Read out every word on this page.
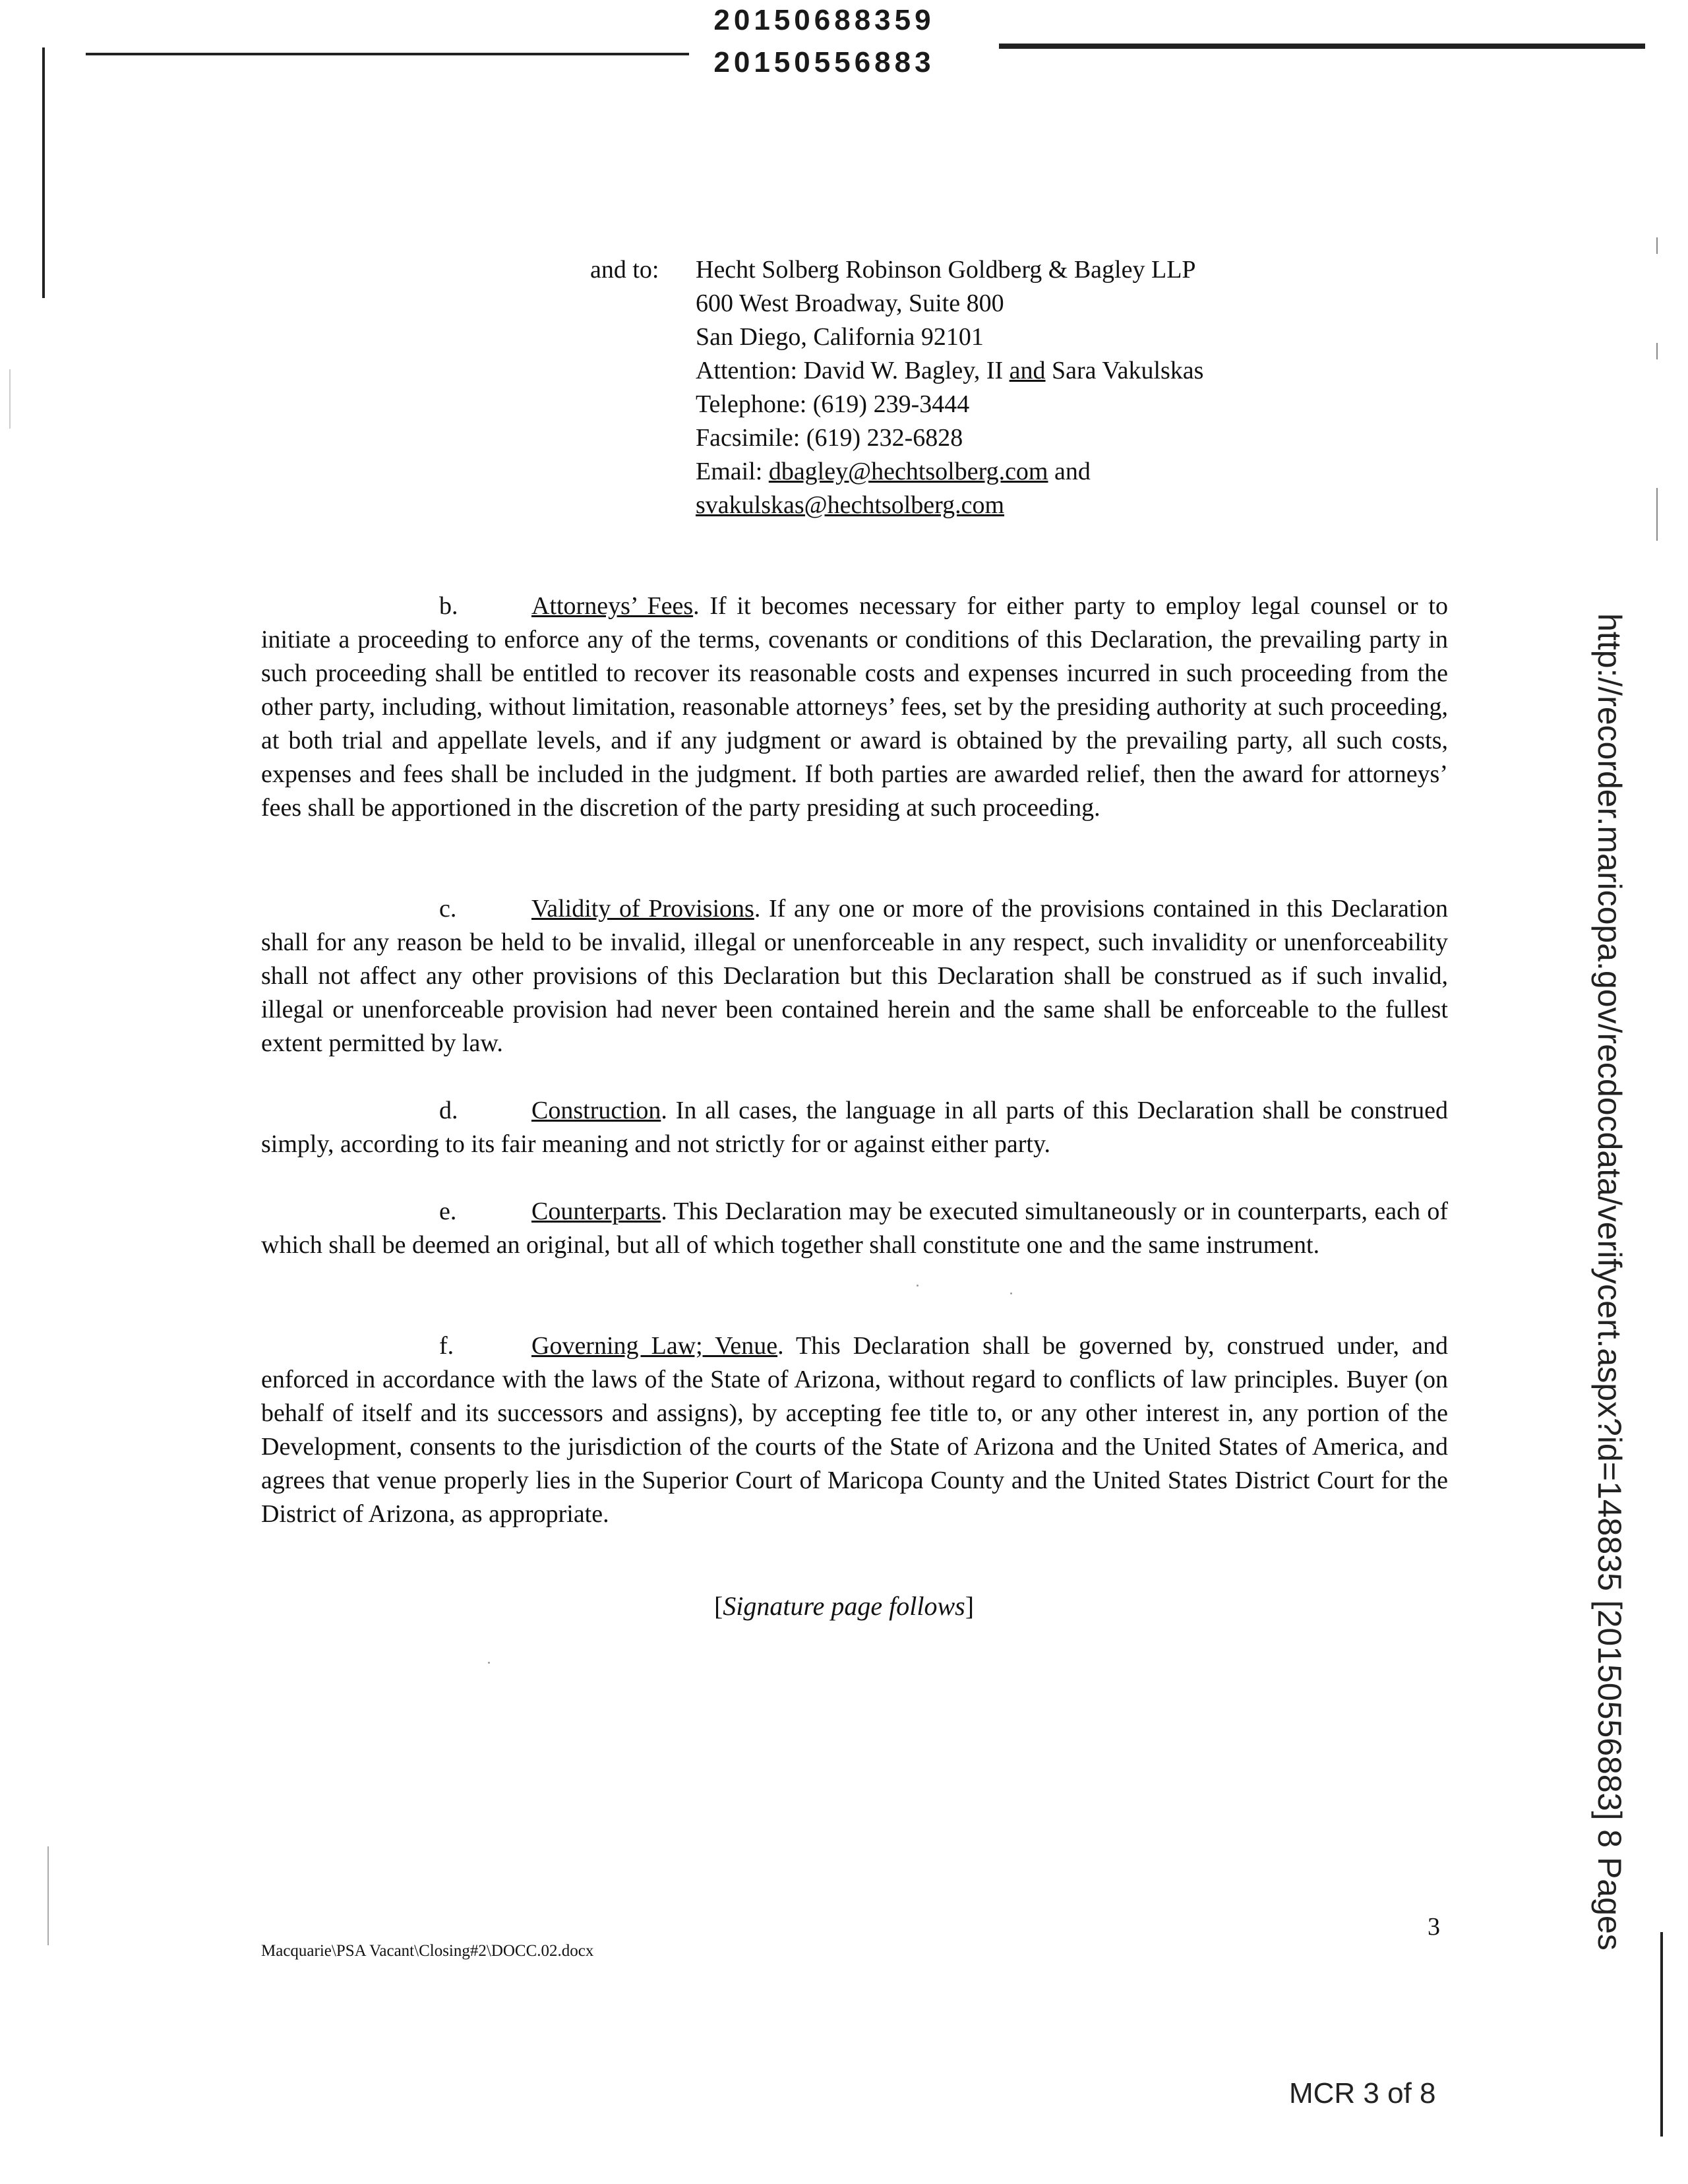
20150688359
20150556883
and to: Hecht Solberg Robinson Goldberg & Bagley LLP
600 West Broadway, Suite 800
San Diego, California 92101
Attention: David W. Bagley, II and Sara Vakulskas
Telephone: (619) 239-3444
Facsimile: (619) 232-6828
Email: dbagley@hechtsolberg.com and
svakulskas@hechtsolberg.com
b.	Attorneys’ Fees. If it becomes necessary for either party to employ legal counsel or to initiate a proceeding to enforce any of the terms, covenants or conditions of this Declaration, the prevailing party in such proceeding shall be entitled to recover its reasonable costs and expenses incurred in such proceeding from the other party, including, without limitation, reasonable attorneys’ fees, set by the presiding authority at such proceeding, at both trial and appellate levels, and if any judgment or award is obtained by the prevailing party, all such costs, expenses and fees shall be included in the judgment. If both parties are awarded relief, then the award for attorneys’ fees shall be apportioned in the discretion of the party presiding at such proceeding.
c.	Validity of Provisions. If any one or more of the provisions contained in this Declaration shall for any reason be held to be invalid, illegal or unenforceable in any respect, such invalidity or unenforceability shall not affect any other provisions of this Declaration but this Declaration shall be construed as if such invalid, illegal or unenforceable provision had never been contained herein and the same shall be enforceable to the fullest extent permitted by law.
d.	Construction. In all cases, the language in all parts of this Declaration shall be construed simply, according to its fair meaning and not strictly for or against either party.
e.	Counterparts. This Declaration may be executed simultaneously or in counterparts, each of which shall be deemed an original, but all of which together shall constitute one and the same instrument.
f.	Governing Law; Venue. This Declaration shall be governed by, construed under, and enforced in accordance with the laws of the State of Arizona, without regard to conflicts of law principles. Buyer (on behalf of itself and its successors and assigns), by accepting fee title to, or any other interest in, any portion of the Development, consents to the jurisdiction of the courts of the State of Arizona and the United States of America, and agrees that venue properly lies in the Superior Court of Maricopa County and the United States District Court for the District of Arizona, as appropriate.
[Signature page follows]
3
Macquarie\PSA Vacant\Closing#2\DOCC.02.docx
MCR 3 of 8
http://recorder.maricopa.gov/recdocdata/verifycert.aspx?id=148835 [20150556883] 8 Pages
